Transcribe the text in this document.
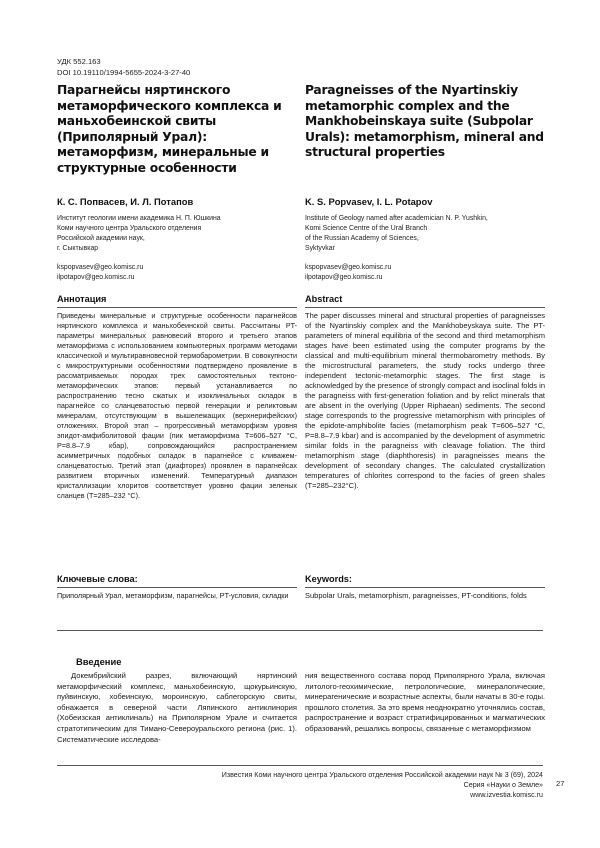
УДК 552.163
DOI 10.19110/1994-5655-2024-3-27-40
Парагнейсы няртинского метаморфического комплекса и маньхобеинской свиты (Приполярный Урал): метаморфизм, минеральные и структурные особенности
К. С. Попвасев, И. Л. Потапов
Институт геологии имени академика Н. П. Юшкина
Коми научного центра Уральского отделения
Российской академии наук,
г. Сыктывкар
kspopvasev@geo.komisc.ru
ilpotapov@geo.komisc.ru
Аннотация

Приведены минеральные и структурные особенности парагнейсов няртинского комплекса и маньхобеинской свиты. Рассчитаны PT-параметры минеральных равновесий второго и третьего этапов метаморфизма с использованием компьютерных программ методами классической и мультиравновесной термобарометрии. В совокупности с микроструктурными особенностями подтверждено проявление в рассматриваемых породах трех самостоятельных тектоно-метаморфических этапов: первый устанавливается по распространению тесно сжатых и изоклинальных складок в парагнейсе со сланцеватостью первой генерации и реликтовым минералам, отсутствующим в вышележащих (верхнерифейских) отложениях. Второй этап – прогрессивный метаморфизм уровня эпидот-амфиболитовой фации (пик метаморфизма T=606–527 °С, P=8.8–7.9 кбар), сопровождающийся распространением асимметричных подобных складок в парагнейсе с кливажем-сланцеватостью. Третий этап (диафторез) проявлен в парагнейсах развитием вторичных изменений. Температурный диапазон кристаллизации хлоритов соответствует уровню фации зеленых сланцев (T=285–232 °С).

Ключевые слова:
Приполярный Урал, метаморфизм, парагнейсы, PT-условия, складки
Paragneisses of the Nyartinskiy metamorphic complex and the Mankhobeinskaya suite (Subpolar Urals): metamorphism, mineral and structural properties
K. S. Popvasev, I. L. Potapov
Institute of Geology named after academician N. P. Yushkin,
Komi Science Centre of the Ural Branch
of the Russian Academy of Sciences,
Syktyvkar
kspopvasev@geo.komisc.ru
ilpotapov@geo.komisc.ru
Abstract

The paper discusses mineral and structural properties of paragneisses of the Nyartinskiy complex and the Mankhobeyskaya suite. The PT-parameters of mineral equilibria of the second and third metamorphism stages have been estimated using the computer programs by the classical and multi-equilibrium mineral thermobarometry methods. By the microstructural parameters, the study rocks undergo three independent tectonic-metamorphic stages. The first stage is acknowledged by the presence of strongly compact and isoclinal folds in the paragneiss with first-generation foliation and by relict minerals that are absent in the overlying (Upper Riphaean) sediments. The second stage corresponds to the progressive metamorphism with principles of the epidote-amphibolite facies (metamorphism peak T=606–527 °C, P=8.8–7.9 kbar) and is accompanied by the development of asymmetric similar folds in the paragneiss with cleavage foliation. The third metamorphism stage (diaphthoresis) in paragneisses means the development of secondary changes. The calculated crystallization temperatures of chlorites correspond to the facies of green shales (T=285–232°C).

Keywords:
Subpolar Urals, metamorphism, paragneisses, PT-conditions, folds
Введение

Докембрийский разрез, включающий няртинский метаморфический комплекс, маньхобеинскую, щокурьинскую, пуйвинскую, хобеинскую, мороинскую, саблегорскую свиты, обнажается в северной части Ляпинского антиклинория (Хобеизская антиклиналь) на Приполярном Урале и считается стратотипическим для Тимано-Североуральского региона (рис. 1). Систематические исследова-

ния вещественного состава пород Приполярного Урала, включая литолого-геохимические, петрологические, минералогические, минерагенические и возрастные аспекты, были начаты в 30-е годы. прошлого столетия. За это время неоднократно уточнялись состав, распространение и возраст стратифицированных и магматических образований, решались вопросы, связанные с метаморфизмом

Известия Коми научного центра Уральского отделения Российской академии наук № 3 (69), 2024
Серия «Науки о Земле»
www.izvestia.komisc.ru
27
